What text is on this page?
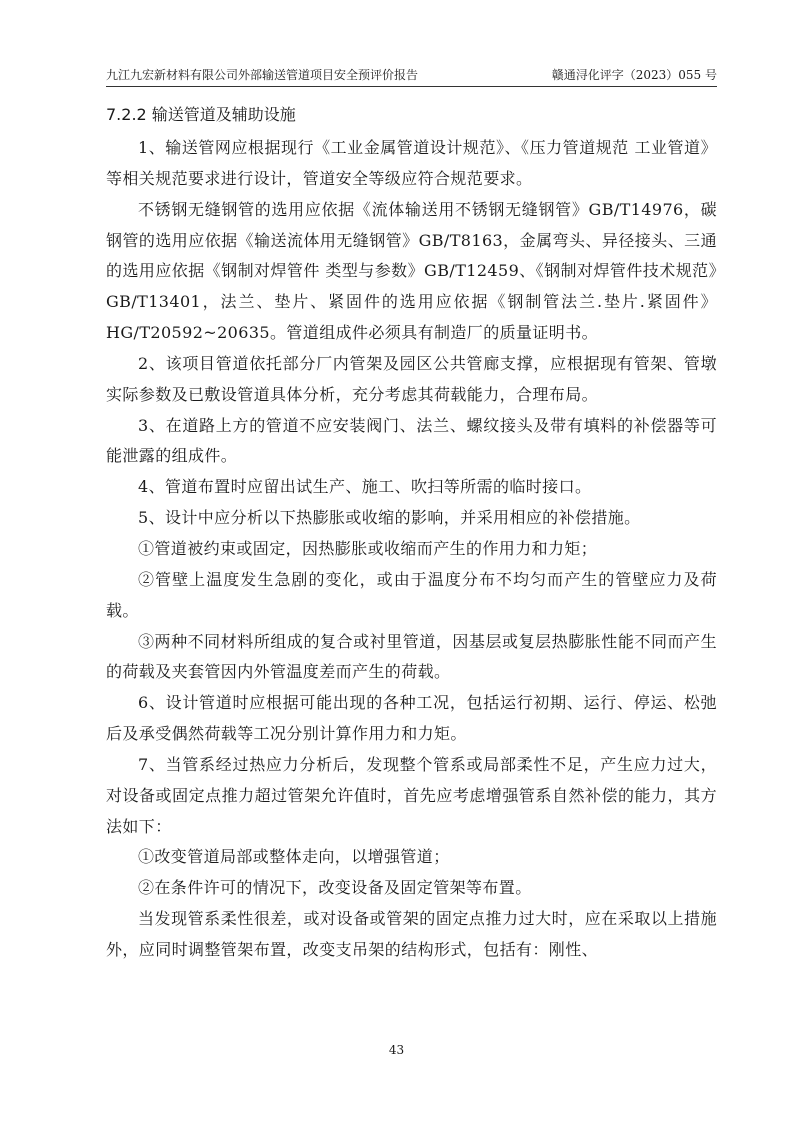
九江九宏新材料有限公司外部输送管道项目安全预评价报告	赣通浔化评字（2023）055 号
7.2.2 输送管道及辅助设施

1、输送管网应根据现行《工业金属管道设计规范》、《压力管道规范 工业管道》等相关规范要求进行设计，管道安全等级应符合规范要求。

不锈钢无缝钢管的选用应依据《流体输送用不锈钢无缝钢管》GB/T14976，碳钢管的选用应依据《输送流体用无缝钢管》GB/T8163，金属弯头、异径接头、三通的选用应依据《钢制对焊管件 类型与参数》GB/T12459、《钢制对焊管件技术规范》GB/T13401，法兰、垫片、紧固件的选用应依据《钢制管法兰.垫片.紧固件》HG/T20592~20635。管道组成件必须具有制造厂的质量证明书。

2、该项目管道依托部分厂内管架及园区公共管廊支撑，应根据现有管架、管墩实际参数及已敷设管道具体分析，充分考虑其荷载能力，合理布局。

3、在道路上方的管道不应安装阀门、法兰、螺纹接头及带有填料的补偿器等可能泄露的组成件。

4、管道布置时应留出试生产、施工、吹扫等所需的临时接口。

5、设计中应分析以下热膨胀或收缩的影响，并采用相应的补偿措施。

①管道被约束或固定，因热膨胀或收缩而产生的作用力和力矩；

②管壁上温度发生急剧的变化，或由于温度分布不均匀而产生的管壁应力及荷载。

③两种不同材料所组成的复合或衬里管道，因基层或复层热膨胀性能不同而产生的荷载及夹套管因内外管温度差而产生的荷载。

6、设计管道时应根据可能出现的各种工况，包括运行初期、运行、停运、松弛后及承受偶然荷载等工况分别计算作用力和力矩。

7、当管系经过热应力分析后，发现整个管系或局部柔性不足，产生应力过大，对设备或固定点推力超过管架允许值时，首先应考虑增强管系自然补偿的能力，其方法如下：

①改变管道局部或整体走向，以增强管道；

②在条件许可的情况下，改变设备及固定管架等布置。

当发现管系柔性很差，或对设备或管架的固定点推力过大时，应在采取以上措施外，应同时调整管架布置，改变支吊架的结构形式，包括有：刚性、

43
